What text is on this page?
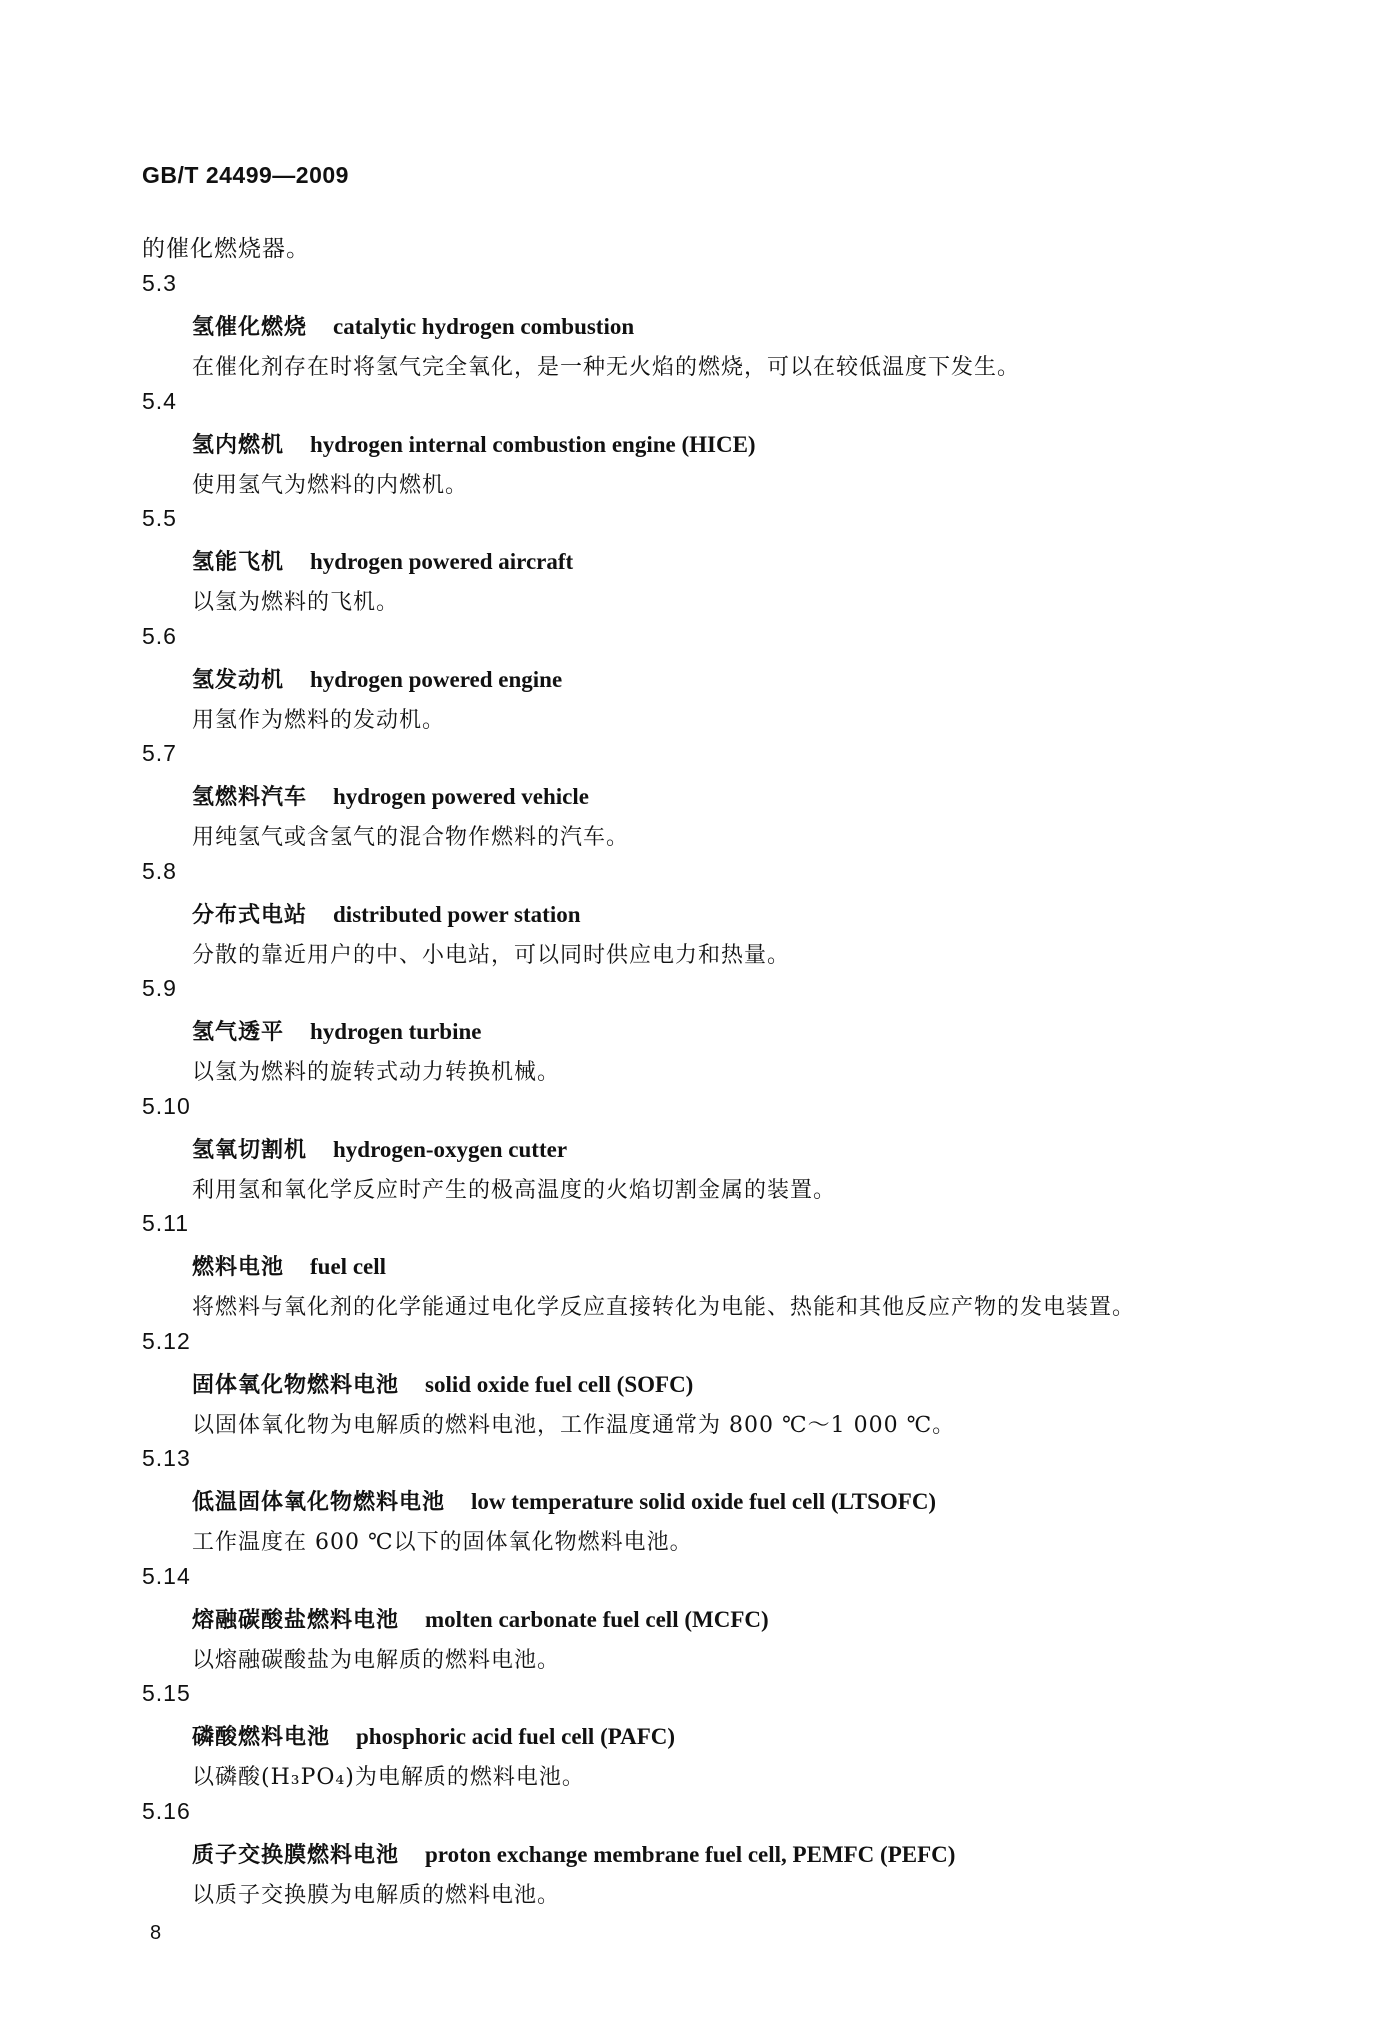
GB/T 24499—2009
的催化燃烧器。
5.3
氢催化燃烧 catalytic hydrogen combustion
在催化剂存在时将氢气完全氧化，是一种无火焰的燃烧，可以在较低温度下发生。
5.4
氢内燃机 hydrogen internal combustion engine (HICE)
使用氢气为燃料的内燃机。
5.5
氢能飞机 hydrogen powered aircraft
以氢为燃料的飞机。
5.6
氢发动机 hydrogen powered engine
用氢作为燃料的发动机。
5.7
氢燃料汽车 hydrogen powered vehicle
用纯氢气或含氢气的混合物作燃料的汽车。
5.8
分布式电站 distributed power station
分散的靠近用户的中、小电站，可以同时供应电力和热量。
5.9
氢气透平 hydrogen turbine
以氢为燃料的旋转式动力转换机械。
5.10
氢氧切割机 hydrogen-oxygen cutter
利用氢和氧化学反应时产生的极高温度的火焰切割金属的装置。
5.11
燃料电池 fuel cell
将燃料与氧化剂的化学能通过电化学反应直接转化为电能、热能和其他反应产物的发电装置。
5.12
固体氧化物燃料电池 solid oxide fuel cell (SOFC)
以固体氧化物为电解质的燃料电池，工作温度通常为 800 ℃～1 000 ℃。
5.13
低温固体氧化物燃料电池 low temperature solid oxide fuel cell (LTSOFC)
工作温度在 600 ℃以下的固体氧化物燃料电池。
5.14
熔融碳酸盐燃料电池 molten carbonate fuel cell (MCFC)
以熔融碳酸盐为电解质的燃料电池。
5.15
磷酸燃料电池 phosphoric acid fuel cell (PAFC)
以磷酸(H₃PO₄)为电解质的燃料电池。
5.16
质子交换膜燃料电池 proton exchange membrane fuel cell, PEMFC (PEFC)
以质子交换膜为电解质的燃料电池。
8
